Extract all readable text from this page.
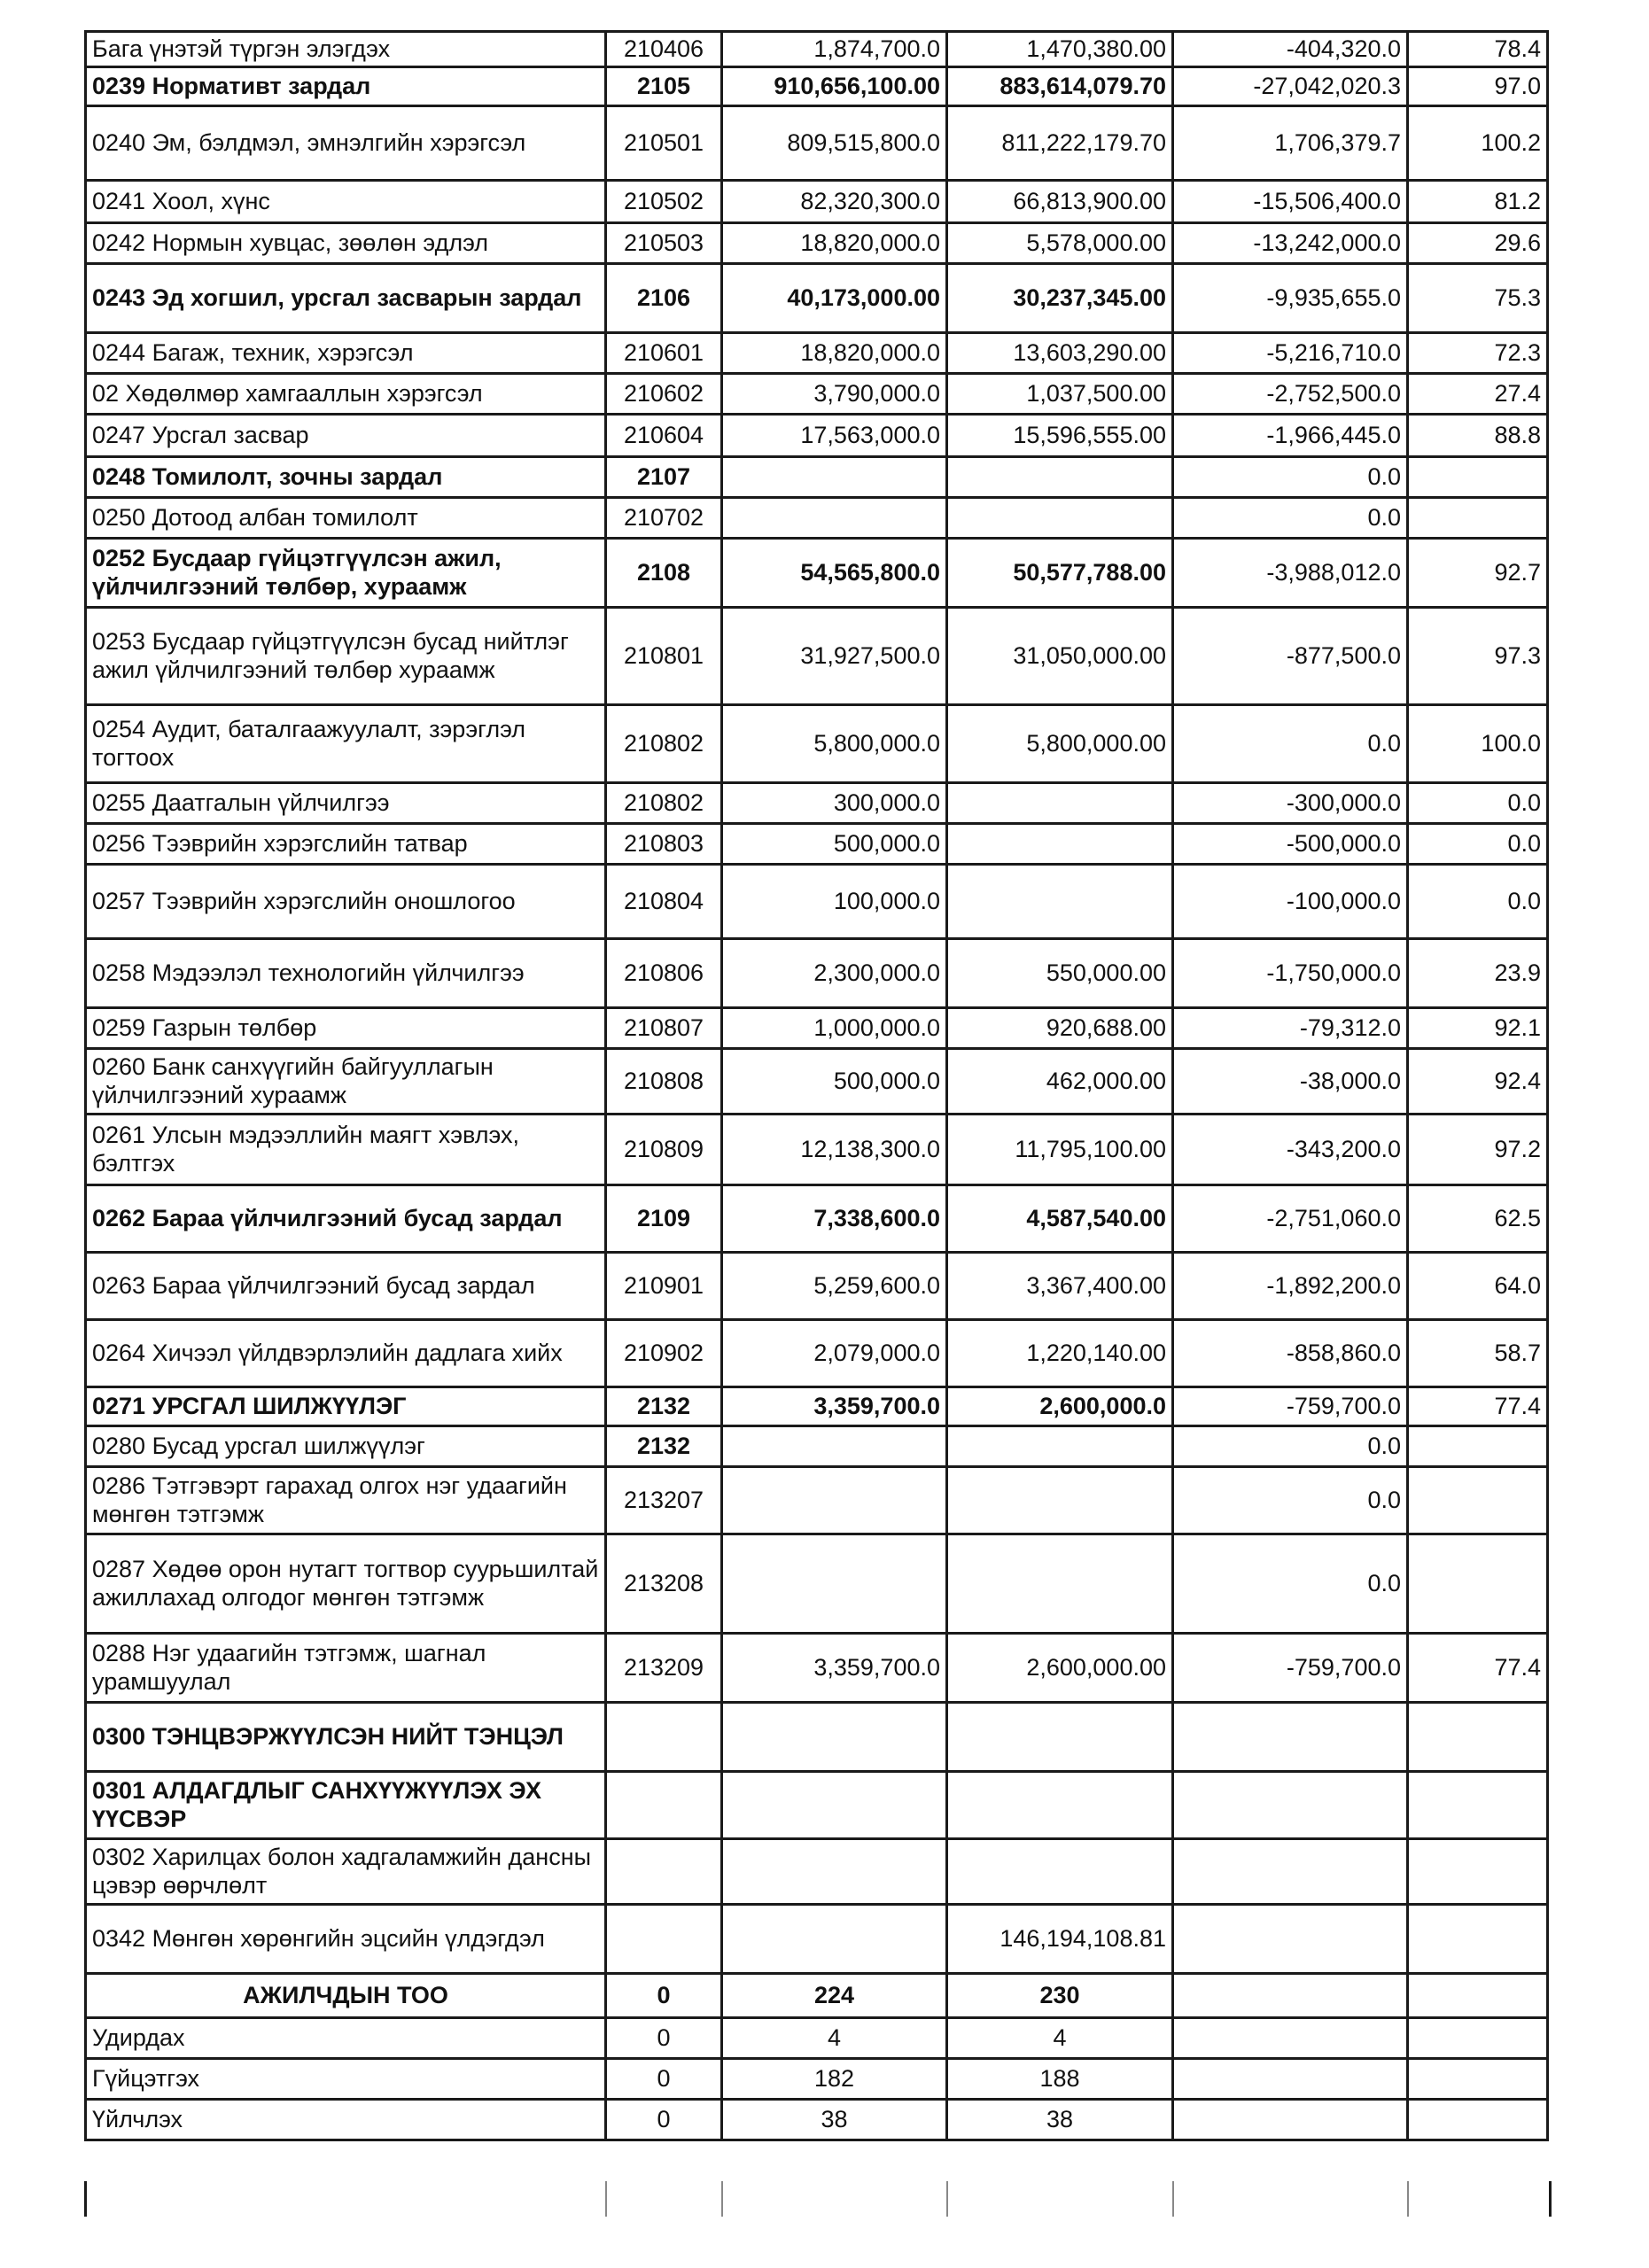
Бага үнэтэй түргэн элэгдэх	210406	1,874,700.0	1,470,380.00	-404,320.0	78.4
0239 Нормативт зардал	2105	910,656,100.00	883,614,079.70	-27,042,020.3	97.0
0240 Эм, бэлдмэл, эмнэлгийн хэрэгсэл	210501	809,515,800.0	811,222,179.70	1,706,379.7	100.2
0241 Хоол, хүнс	210502	82,320,300.0	66,813,900.00	-15,506,400.0	81.2
0242 Нормын хувцас, зөөлөн эдлэл	210503	18,820,000.0	5,578,000.00	-13,242,000.0	29.6
0243 Эд хогшил, урсгал засварын зардал	2106	40,173,000.00	30,237,345.00	-9,935,655.0	75.3
0244 Багаж, техник, хэрэгсэл	210601	18,820,000.0	13,603,290.00	-5,216,710.0	72.3
02 Хөдөлмөр хамгааллын хэрэгсэл	210602	3,790,000.0	1,037,500.00	-2,752,500.0	27.4
0247 Урсгал засвар	210604	17,563,000.0	15,596,555.00	-1,966,445.0	88.8
0248 Томилолт, зочны зардал	2107			0.0	
0250 Дотоод албан томилолт	210702			0.0	
0252 Бусдаар гүйцэтгүүлсэн ажил, үйлчилгээний төлбөр, хураамж	2108	54,565,800.0	50,577,788.00	-3,988,012.0	92.7
0253 Бусдаар гүйцэтгүүлсэн бусад нийтлэг ажил үйлчилгээний төлбөр хураамж	210801	31,927,500.0	31,050,000.00	-877,500.0	97.3
0254 Аудит, баталгаажуулалт, зэрэглэл тогтоох	210802	5,800,000.0	5,800,000.00	0.0	100.0
0255 Даатгалын үйлчилгээ	210802	300,000.0		-300,000.0	0.0
0256 Тээврийн хэрэгслийн татвар	210803	500,000.0		-500,000.0	0.0
0257 Тээврийн хэрэгслийн оношлогоо	210804	100,000.0		-100,000.0	0.0
0258 Мэдээлэл технологийн үйлчилгээ	210806	2,300,000.0	550,000.00	-1,750,000.0	23.9
0259 Газрын төлбөр	210807	1,000,000.0	920,688.00	-79,312.0	92.1
0260 Банк санхүүгийн байгууллагын үйлчилгээний хураамж	210808	500,000.0	462,000.00	-38,000.0	92.4
0261 Улсын мэдээллийн маягт хэвлэх, бэлтгэх	210809	12,138,300.0	11,795,100.00	-343,200.0	97.2
0262 Бараа үйлчилгээний бусад зардал	2109	7,338,600.0	4,587,540.00	-2,751,060.0	62.5
0263 Бараа үйлчилгээний бусад зардал	210901	5,259,600.0	3,367,400.00	-1,892,200.0	64.0
0264 Хичээл үйлдвэрлэлийн дадлага хийх	210902	2,079,000.0	1,220,140.00	-858,860.0	58.7
0271 УРСГАЛ ШИЛЖҮҮЛЭГ	2132	3,359,700.0	2,600,000.0	-759,700.0	77.4
0280 Бусад урсгал шилжүүлэг	2132			0.0	
0286 Тэтгэвэрт гарахад олгох нэг удаагийн мөнгөн тэтгэмж	213207			0.0	
0287 Хөдөө орон нутагт тогтвор суурьшилтай ажиллахад олгодог мөнгөн тэтгэмж	213208			0.0	
0288 Нэг удаагийн тэтгэмж, шагнал урамшуулал	213209	3,359,700.0	2,600,000.00	-759,700.0	77.4
0300 ТЭНЦВЭРЖҮҮЛСЭН НИЙТ ТЭНЦЭЛ					
0301 АЛДАГДЛЫГ САНХҮҮЖҮҮЛЭХ ЭХ ҮҮСВЭР					
0302 Харилцах болон хадгаламжийн дансны цэвэр өөрчлөлт					
0342 Мөнгөн хөрөнгийн эцсийн үлдэгдэл			146,194,108.81		
АЖИЛЧДЫН ТОО	0	224	230		
Удирдах	0	4	4		
Гүйцэтгэх	0	182	188		
Үйлчлэх	0	38	38		
